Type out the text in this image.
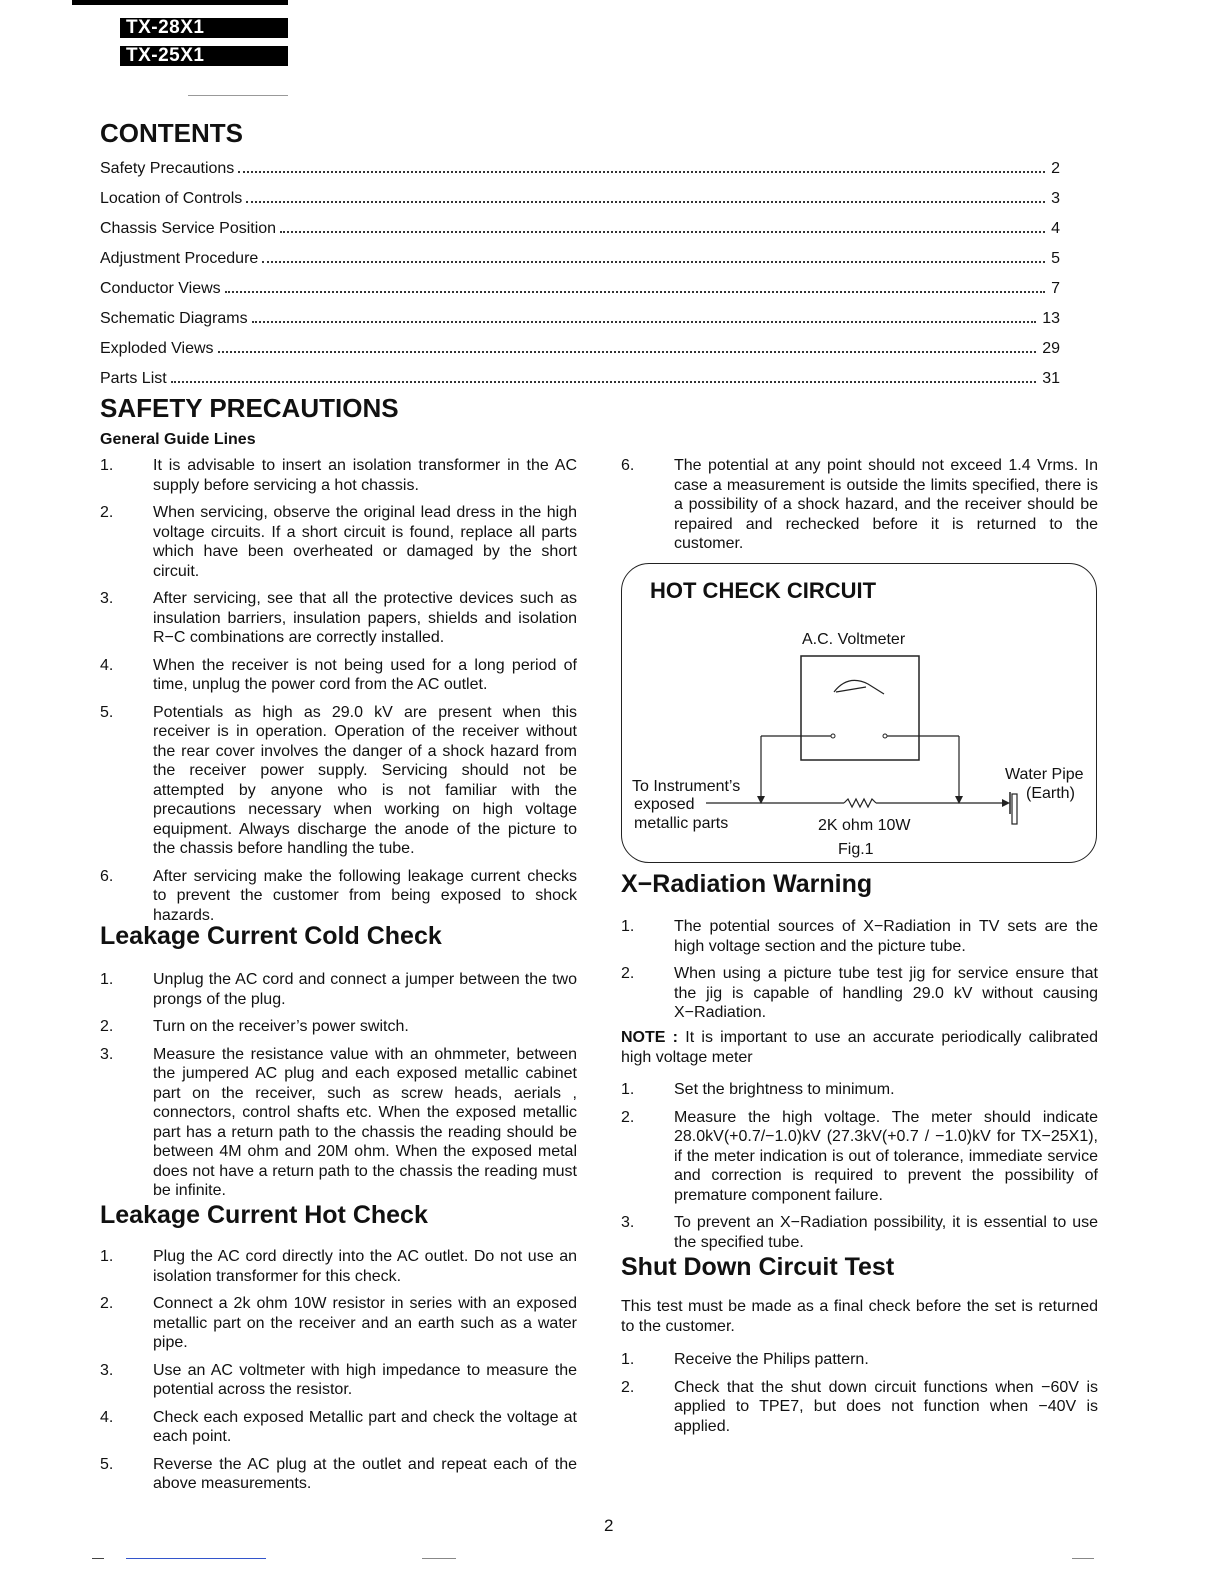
TX-28X1
TX-25X1
CONTENTS
Safety Precautions	2
Location of Controls	3
Chassis Service Position	4
Adjustment Procedure	5
Conductor Views	7
Schematic Diagrams	13
Exploded Views	29
Parts List	31
SAFETY PRECAUTIONS
General Guide Lines
1.	It is advisable to insert an isolation transformer in the AC supply before servicing a hot chassis.
2.	When servicing, observe the original lead dress in the high voltage circuits. If a short circuit is found, replace all parts which have been overheated or damaged by the short circuit.
3.	After servicing, see that all the protective devices such as insulation barriers, insulation papers, shields and isolation R−C combinations are correctly installed.
4.	When the receiver is not being used for a long period of time, unplug the power cord from the AC outlet.
5.	Potentials as high as 29.0 kV are present when this receiver is in operation. Operation of the receiver without the rear cover involves the danger of a shock hazard from the receiver power supply. Servicing should not be attempted by anyone who is not familiar with the precautions necessary when working on high voltage equipment. Always discharge the anode of the picture to the chassis before handling the tube.
6.	After servicing make the following leakage current checks to prevent the customer from being exposed to shock hazards.
Leakage Current Cold Check
1.	Unplug the AC cord and connect a jumper between the two prongs of the plug.
2.	Turn on the receiver’s power switch.
3.	Measure the resistance value with an ohmmeter, between the jumpered AC plug and each exposed metallic cabinet part on the receiver, such as screw heads, aerials , connectors, control shafts etc. When the exposed metallic part has a return path to the chassis the reading should be between 4M ohm and 20M ohm. When the exposed metal does not have a return path to the chassis the reading must be infinite.
Leakage Current Hot Check
1.	Plug the AC cord directly into the AC outlet. Do not use an isolation transformer for this check.
2.	Connect a 2k ohm 10W resistor in series with an exposed metallic part on the receiver and an earth such as a water pipe.
3.	Use an AC voltmeter with high impedance to measure the potential across the resistor.
4.	Check each exposed Metallic part and check the voltage at each point.
5.	Reverse the AC plug at the outlet and repeat each of the above measurements.
6.	The potential at any point should not exceed 1.4 Vrms. In case a measurement is outside the limits specified, there is a possibility of a shock hazard, and the receiver should be repaired and rechecked before it is returned to the customer.
HOT CHECK CIRCUIT
A.C. Voltmeter
To Instrument’s
exposed
metallic parts	2K ohm 10W
Water Pipe
(Earth)
Fig.1
X−Radiation Warning
1.	The potential sources of X−Radiation in TV sets are the high voltage section and the picture tube.
2.	When using a picture tube test jig for service ensure that the jig is capable of handling 29.0 kV without causing X−Radiation.
NOTE : It is important to use an accurate periodically calibrated high voltage meter
1.	Set the brightness to minimum.
2.	Measure the high voltage. The meter should indicate 28.0kV(+0.7/−1.0)kV (27.3kV(+0.7 / −1.0)kV for TX−25X1), if the meter indication is out of tolerance, immediate service and correction is required to prevent the possibility of premature component failure.
3.	To prevent an X−Radiation possibility, it is essential to use the specified tube.
Shut Down Circuit Test
This test must be made as a final check before the set is returned to the customer.
1.	Receive the Philips pattern.
2.	Check that the shut down circuit functions when −60V is applied to TPE7, but does not function when −40V is applied.
2
